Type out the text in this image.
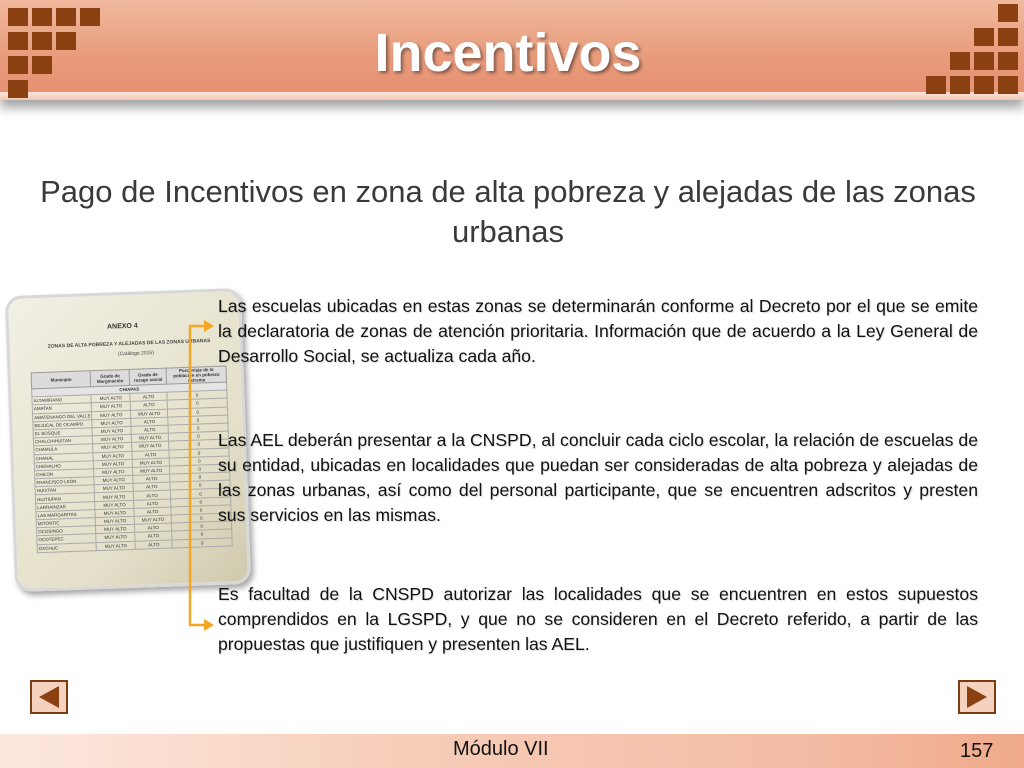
Incentivos
Pago de Incentivos en zona de alta pobreza y alejadas de las zonas urbanas
ANEXO 4
ZONAS DE ALTA POBREZA Y ALEJADAS DE LAS ZONAS URBANAS
(Catálogo 2015)
Municipio	Grado de Marginación	Grado de rezago social	Porcentaje de la población en pobreza extrema
CHIAPAS			
ALTAMIRANO	MUY ALTO	ALTO	0
AMATAN	MUY ALTO	ALTO	0
AMATENANGO DEL VALLE	MUY ALTO	MUY ALTO	0
BEJUCAL DE OCAMPO	MUY ALTO	ALTO	0
EL BOSQUE	MUY ALTO	ALTO	0
CHALCHIHUITAN	MUY ALTO	MUY ALTO	0
CHAMULA	MUY ALTO	MUY ALTO	0
CHANAL	MUY ALTO	ALTO	0
CHENALHO	MUY ALTO	MUY ALTO	0
CHILON	MUY ALTO	MUY ALTO	0
FRANCISCO LEON	MUY ALTO	ALTO	0
HUIXTAN	MUY ALTO	ALTO	0
HUITIUPAN	MUY ALTO	ALTO	0
LARRAINZAR	MUY ALTO	ALTO	0
LAS MARGARITAS	MUY ALTO	ALTO	0
MITONTIC	MUY ALTO	MUY ALTO	0
OCOSINGO	MUY ALTO	ALTO	0
OCOTEPEC	MUY ALTO	ALTO	0
OXCHUC	MUY ALTO	ALTO	0
Las escuelas ubicadas en estas zonas se determinarán conforme al Decreto por el que se emite la declaratoria de zonas de atención prioritaria. Información que de acuerdo a la Ley General de Desarrollo Social, se actualiza cada año.
Las AEL deberán presentar a la CNSPD, al concluir cada ciclo escolar, la relación de escuelas de su entidad, ubicadas en localidades que puedan ser consideradas de alta pobreza y alejadas de las zonas urbanas, así como del personal participante, que se encuentren adscritos y presten sus servicios en las mismas.
Es facultad de la CNSPD autorizar las localidades que se encuentren en estos supuestos comprendidos en la LGSPD, y que no se consideren en el Decreto referido, a partir de las propuestas que justifiquen y presenten las AEL.
Módulo VII	157
